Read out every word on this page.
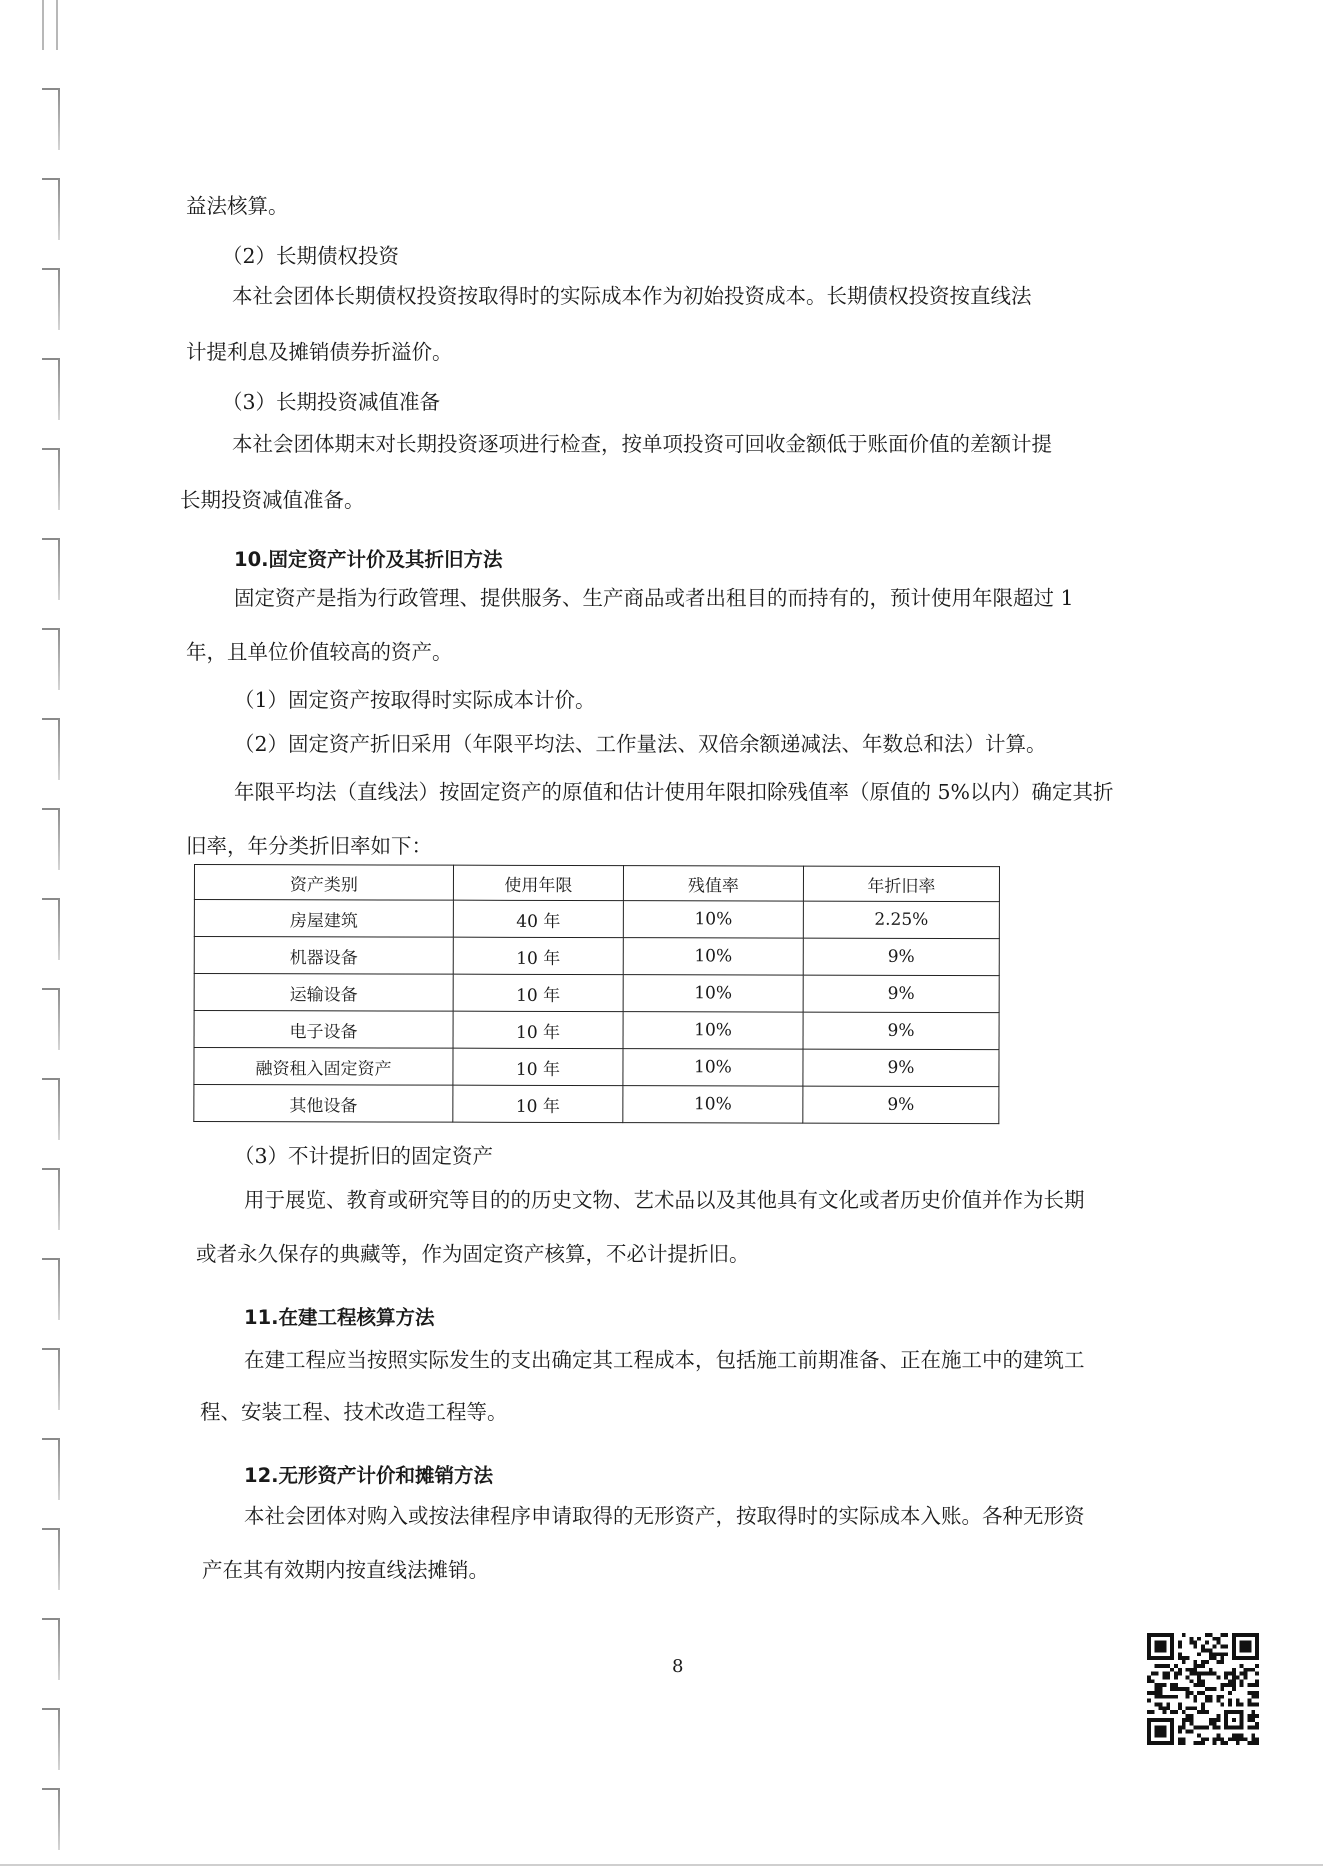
益法核算。
（2）长期债权投资
本社会团体长期债权投资按取得时的实际成本作为初始投资成本。长期债权投资按直线法
计提利息及摊销债券折溢价。
（3）长期投资减值准备
本社会团体期末对长期投资逐项进行检查，按单项投资可回收金额低于账面价值的差额计提
长期投资减值准备。
10.固定资产计价及其折旧方法
固定资产是指为行政管理、提供服务、生产商品或者出租目的而持有的，预计使用年限超过 1
年，且单位价值较高的资产。
（1）固定资产按取得时实际成本计价。
（2）固定资产折旧采用（年限平均法、工作量法、双倍余额递减法、年数总和法）计算。
年限平均法（直线法）按固定资产的原值和估计使用年限扣除残值率（原值的 5%以内）确定其折
旧率，年分类折旧率如下：
资产类别	使用年限	残值率	年折旧率
房屋建筑	40 年	10%	2.25%
机器设备	10 年	10%	9%
运输设备	10 年	10%	9%
电子设备	10 年	10%	9%
融资租入固定资产	10 年	10%	9%
其他设备	10 年	10%	9%
（3）不计提折旧的固定资产
用于展览、教育或研究等目的的历史文物、艺术品以及其他具有文化或者历史价值并作为长期
或者永久保存的典藏等，作为固定资产核算，不必计提折旧。
11.在建工程核算方法
在建工程应当按照实际发生的支出确定其工程成本，包括施工前期准备、正在施工中的建筑工
程、安装工程、技术改造工程等。
12.无形资产计价和摊销方法
本社会团体对购入或按法律程序申请取得的无形资产，按取得时的实际成本入账。各种无形资
产在其有效期内按直线法摊销。
8
